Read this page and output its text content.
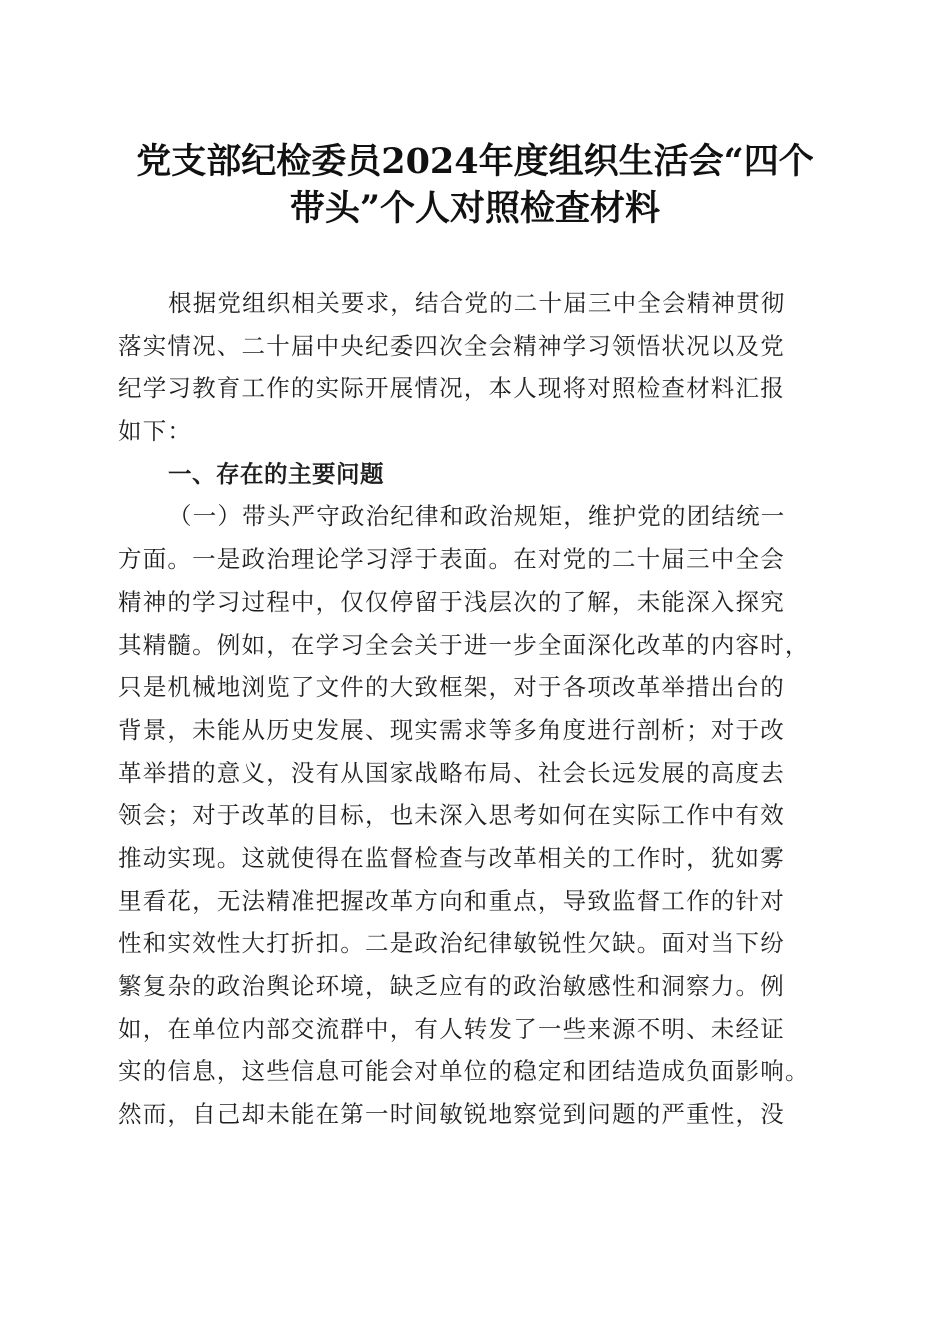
党支部纪检委员2024年度组织生活会“四个
带头”个人对照检查材料
根据党组织相关要求，结合党的二十届三中全会精神贯彻
落实情况、二十届中央纪委四次全会精神学习领悟状况以及党
纪学习教育工作的实际开展情况，本人现将对照检查材料汇报
如下：
一、存在的主要问题
（一）带头严守政治纪律和政治规矩，维护党的团结统一
方面。一是政治理论学习浮于表面。在对党的二十届三中全会
精神的学习过程中，仅仅停留于浅层次的了解，未能深入探究
其精髓。例如，在学习全会关于进一步全面深化改革的内容时，
只是机械地浏览了文件的大致框架，对于各项改革举措出台的
背景，未能从历史发展、现实需求等多角度进行剖析；对于改
革举措的意义，没有从国家战略布局、社会长远发展的高度去
领会；对于改革的目标，也未深入思考如何在实际工作中有效
推动实现。这就使得在监督检查与改革相关的工作时，犹如雾
里看花，无法精准把握改革方向和重点，导致监督工作的针对
性和实效性大打折扣。二是政治纪律敏锐性欠缺。面对当下纷
繁复杂的政治舆论环境，缺乏应有的政治敏感性和洞察力。例
如，在单位内部交流群中，有人转发了一些来源不明、未经证
实的信息，这些信息可能会对单位的稳定和团结造成负面影响。
然而，自己却未能在第一时间敏锐地察觉到问题的严重性，没
